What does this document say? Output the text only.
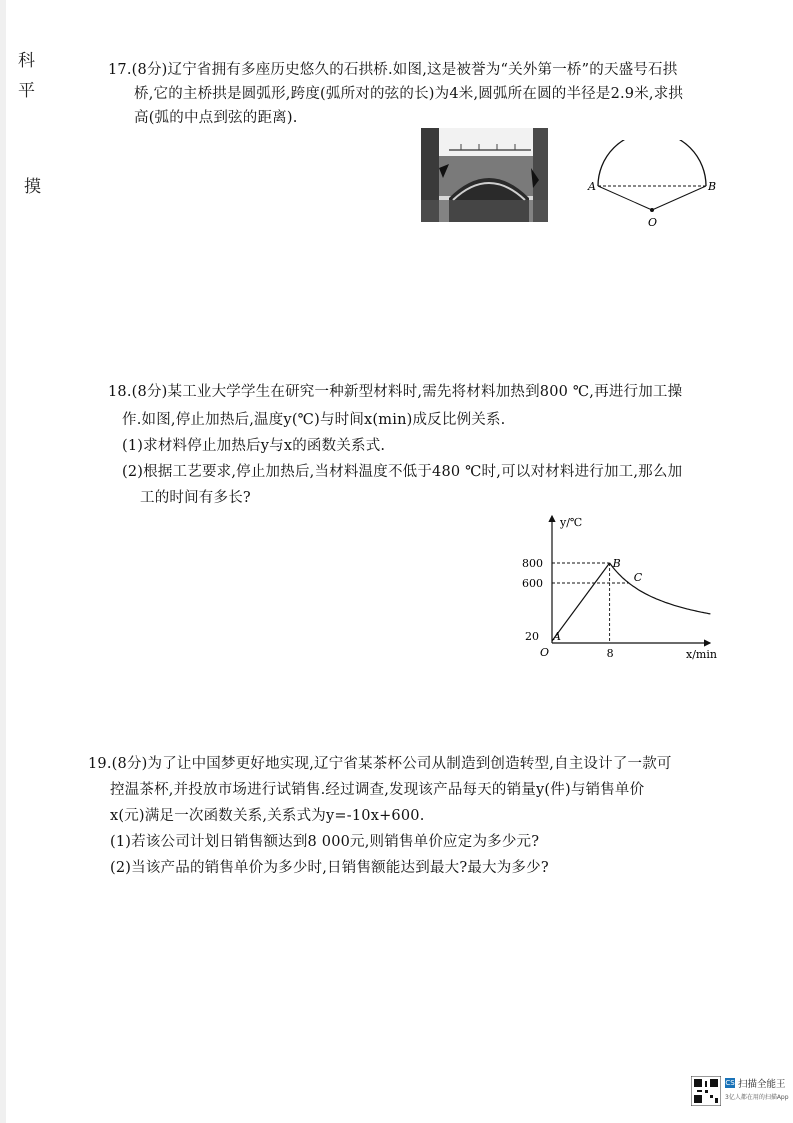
科
平
摸
17.(8分)辽宁省拥有多座历史悠久的石拱桥.如图,这是被誉为“关外第一桥”的天盛号石拱
桥,它的主桥拱是圆弧形,跨度(弧所对的弦的长)为4米,圆弧所在圆的半径是2.9米,求拱
高(弧的中点到弦的距离).
A	B
O
18.(8分)某工业大学学生在研究一种新型材料时,需先将材料加热到800 ℃,再进行加工操
作.如图,停止加热后,温度y(℃)与时间x(min)成反比例关系.
(1)求材料停止加热后y与x的函数关系式.
(2)根据工艺要求,停止加热后,当材料温度不低于480 ℃时,可以对材料进行加工,那么加
工的时间有多长?
y/℃
x/min
O
800
600
20
8
A
B
C
19.(8分)为了让中国梦更好地实现,辽宁省某茶杯公司从制造到创造转型,自主设计了一款可
控温茶杯,并投放市场进行试销售.经过调查,发现该产品每天的销量y(件)与销售单价
x(元)满足一次函数关系,关系式为y=-10x+600.
(1)若该公司计划日销售额达到8 000元,则销售单价应定为多少元?
(2)当该产品的销售单价为多少时,日销售额能达到最大?最大为多少?
CS 扫描全能王
3亿人都在用的扫描App
